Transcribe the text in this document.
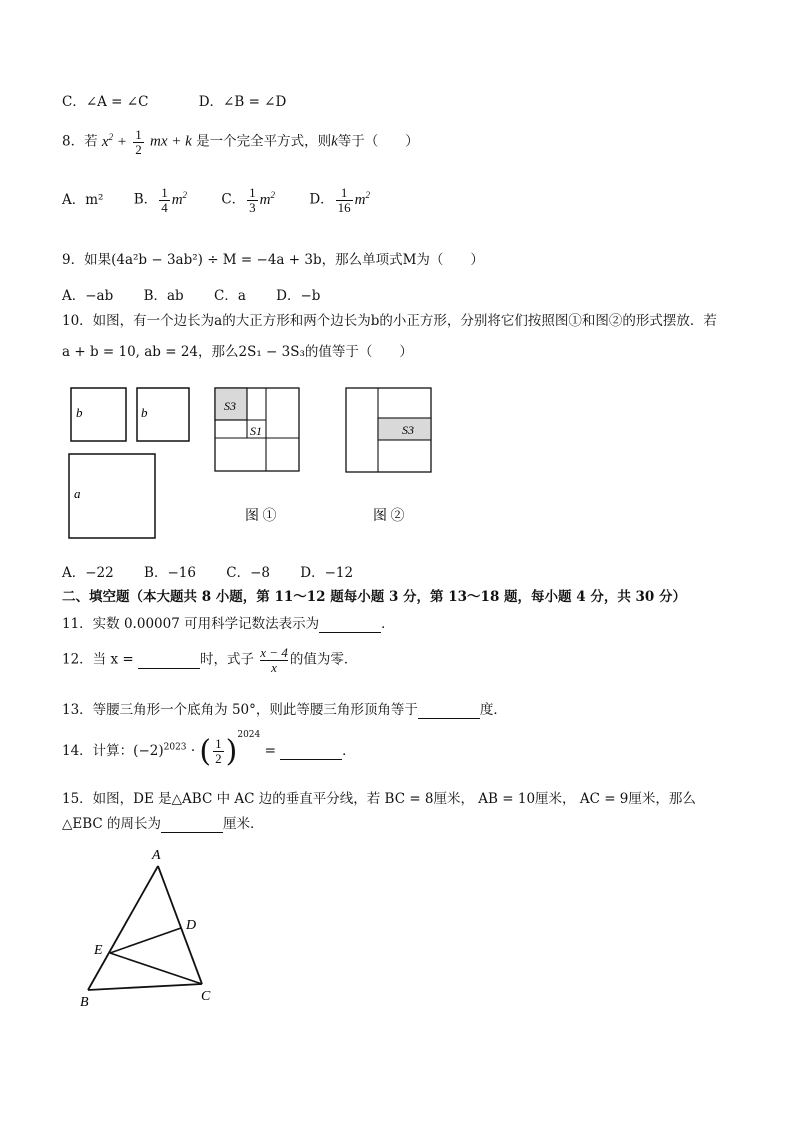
C．∠A = ∠C	D．∠B = ∠D
8．若 $x^2 + \frac{1}{2}$ mx + k 是一个完全平方式，则k等于（　　）
A．m² B． $\frac{1}{4} m^2$	C． $\frac{1}{3} m^2$	D． $\frac{1}{16} m^2$
9．如果(4a²b − 3ab²) ÷ M = −4a + 3b，那么单项式M为（　　）
A．−ab B．ab C．a D．−b
10．如图，有一个边长为a的大正方形和两个边长为b的小正方形，分别将它们按照图①和图②的形式摆放．若
a + b = 10, ab = 24，那么2S₁ − 3S₃的值等于（　　）
b	b
a
S3
S1
图 ①
S3
图 ②
A．−22 B．−16 C．−8 D．−12
二、填空题（本大题共 8 小题，第 11～12 题每小题 3 分，第 13～18 题，每小题 4 分，共 30 分）
11．实数 0.00007 可用科学记数法表示为	．
12．当 x =	时，式子 $\frac{x - 4}{x}$ 的值为零．
13．等腰三角形一个底角为 50°，则此等腰三角形顶角等于	度．
14．计算：$(-2)^{2023}$ · ( $\frac{1}{2} )^{2024}$ =	．
15．如图，DE 是△ABC 中 AC 边的垂直平分线，若 BC = 8厘米， AB = 10厘米， AC = 9厘米，那么
△EBC 的周长为	厘米．
A
D
E
B	C
